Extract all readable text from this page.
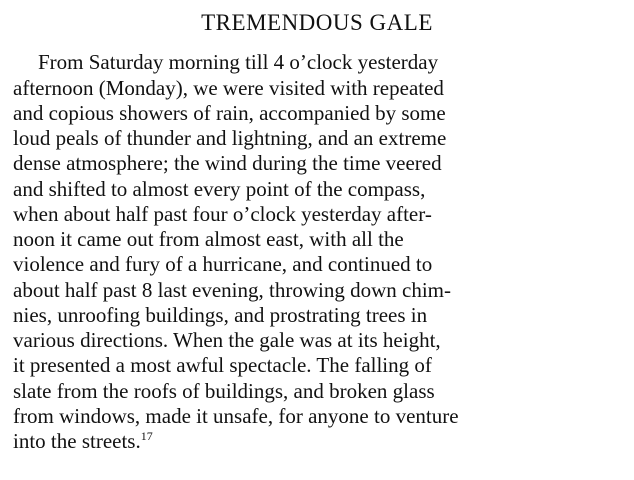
TREMENDOUS GALE
From Saturday morning till 4 o’clock yesterday
afternoon (Monday), we were visited with repeated
and copious showers of rain, accompanied by some
loud peals of thunder and lightning, and an extreme
dense atmosphere; the wind during the time veered
and shifted to almost every point of the compass,
when about half past four o’clock yesterday after-
noon it came out from almost east, with all the
violence and fury of a hurricane, and continued to
about half past 8 last evening, throwing down chim-
nies, unroofing buildings, and prostrating trees in
various directions. When the gale was at its height,
it presented a most awful spectacle. The falling of
slate from the roofs of buildings, and broken glass
from windows, made it unsafe, for anyone to venture
into the streets.$^{17}$
